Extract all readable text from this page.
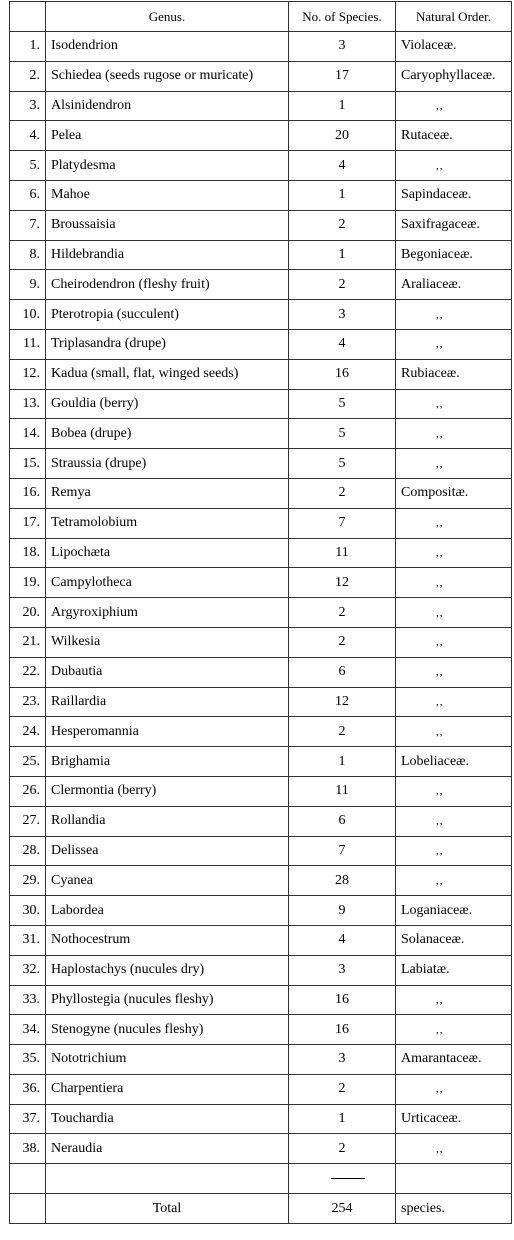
	Genus.	No. of Species.	Natural Order.
1.	Isodendrion	3	Violaceæ.
2.	Schiedea (seeds rugose or muricate)	17	Caryophyllaceæ.
3.	Alsinidendron	1	,,
4.	Pelea	20	Rutaceæ.
5.	Platydesma	4	,,
6.	Mahoe	1	Sapindaceæ.
7.	Broussaisia	2	Saxifragaceæ.
8.	Hildebrandia	1	Begoniaceæ.
9.	Cheirodendron (fleshy fruit)	2	Araliaceæ.
10.	Pterotropia (succulent)	3	,,
11.	Triplasandra (drupe)	4	,,
12.	Kadua (small, flat, winged seeds)	16	Rubiaceæ.
13.	Gouldia (berry)	5	,,
14.	Bobea (drupe)	5	,,
15.	Straussia (drupe)	5	,,
16.	Remya	2	Compositæ.
17.	Tetramolobium	7	,,
18.	Lipochæta	11	,,
19.	Campylotheca	12	,,
20.	Argyroxiphium	2	,,
21.	Wilkesia	2	,,
22.	Dubautia	6	,,
23.	Raillardia	12	,,
24.	Hesperomannia	2	,,
25.	Brighamia	1	Lobeliaceæ.
26.	Clermontia (berry)	11	,,
27.	Rollandia	6	,,
28.	Delissea	7	,,
29.	Cyanea	28	,,
30.	Labordea	9	Loganiaceæ.
31.	Nothocestrum	4	Solanaceæ.
32.	Haplostachys (nucules dry)	3	Labiatæ.
33.	Phyllostegia (nucules fleshy)	16	,,
34.	Stenogyne (nucules fleshy)	16	,,
35.	Nototrichium	3	Amarantaceæ.
36.	Charpentiera	2	,,
37.	Touchardia	1	Urticaceæ.
38.	Neraudia	2	,,

	Total	254	species.
